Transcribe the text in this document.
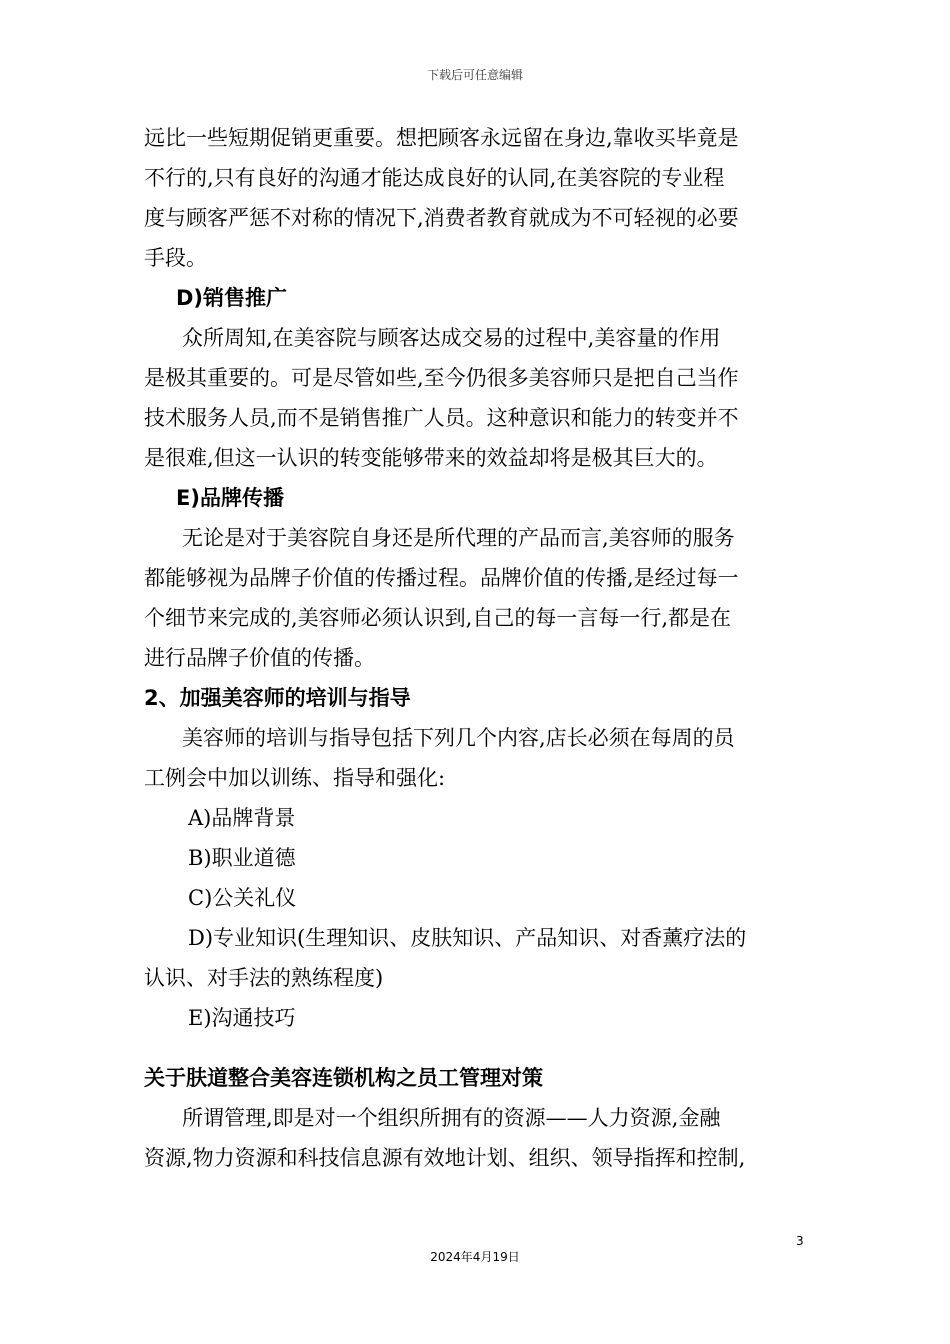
下载后可任意编辑
远比一些短期促销更重要。想把顾客永远留在身边,靠收买毕竟是
不行的,只有良好的沟通才能达成良好的认同,在美容院的专业程
度与顾客严惩不对称的情况下,消费者教育就成为不可轻视的必要
手段。
D)销售推广
众所周知,在美容院与顾客达成交易的过程中,美容量的作用
是极其重要的。可是尽管如些,至今仍很多美容师只是把自己当作
技术服务人员,而不是销售推广人员。这种意识和能力的转变并不
是很难,但这一认识的转变能够带来的效益却将是极其巨大的。
E)品牌传播
无论是对于美容院自身还是所代理的产品而言,美容师的服务
都能够视为品牌子价值的传播过程。品牌价值的传播,是经过每一
个细节来完成的,美容师必须认识到,自己的每一言每一行,都是在
进行品牌子价值的传播。
2、加强美容师的培训与指导
美容师的培训与指导包括下列几个内容,店长必须在每周的员
工例会中加以训练、指导和强化:
A)品牌背景
B)职业道德
C)公关礼仪
D)专业知识(生理知识、皮肤知识、产品知识、对香薰疗法的
认识、对手法的熟练程度)
E)沟通技巧
关于肤道整合美容连锁机构之员工管理对策
所谓管理,即是对一个组织所拥有的资源——人力资源,金融
资源,物力资源和科技信息源有效地计划、组织、领导指挥和控制,
3
2024年4月19日
